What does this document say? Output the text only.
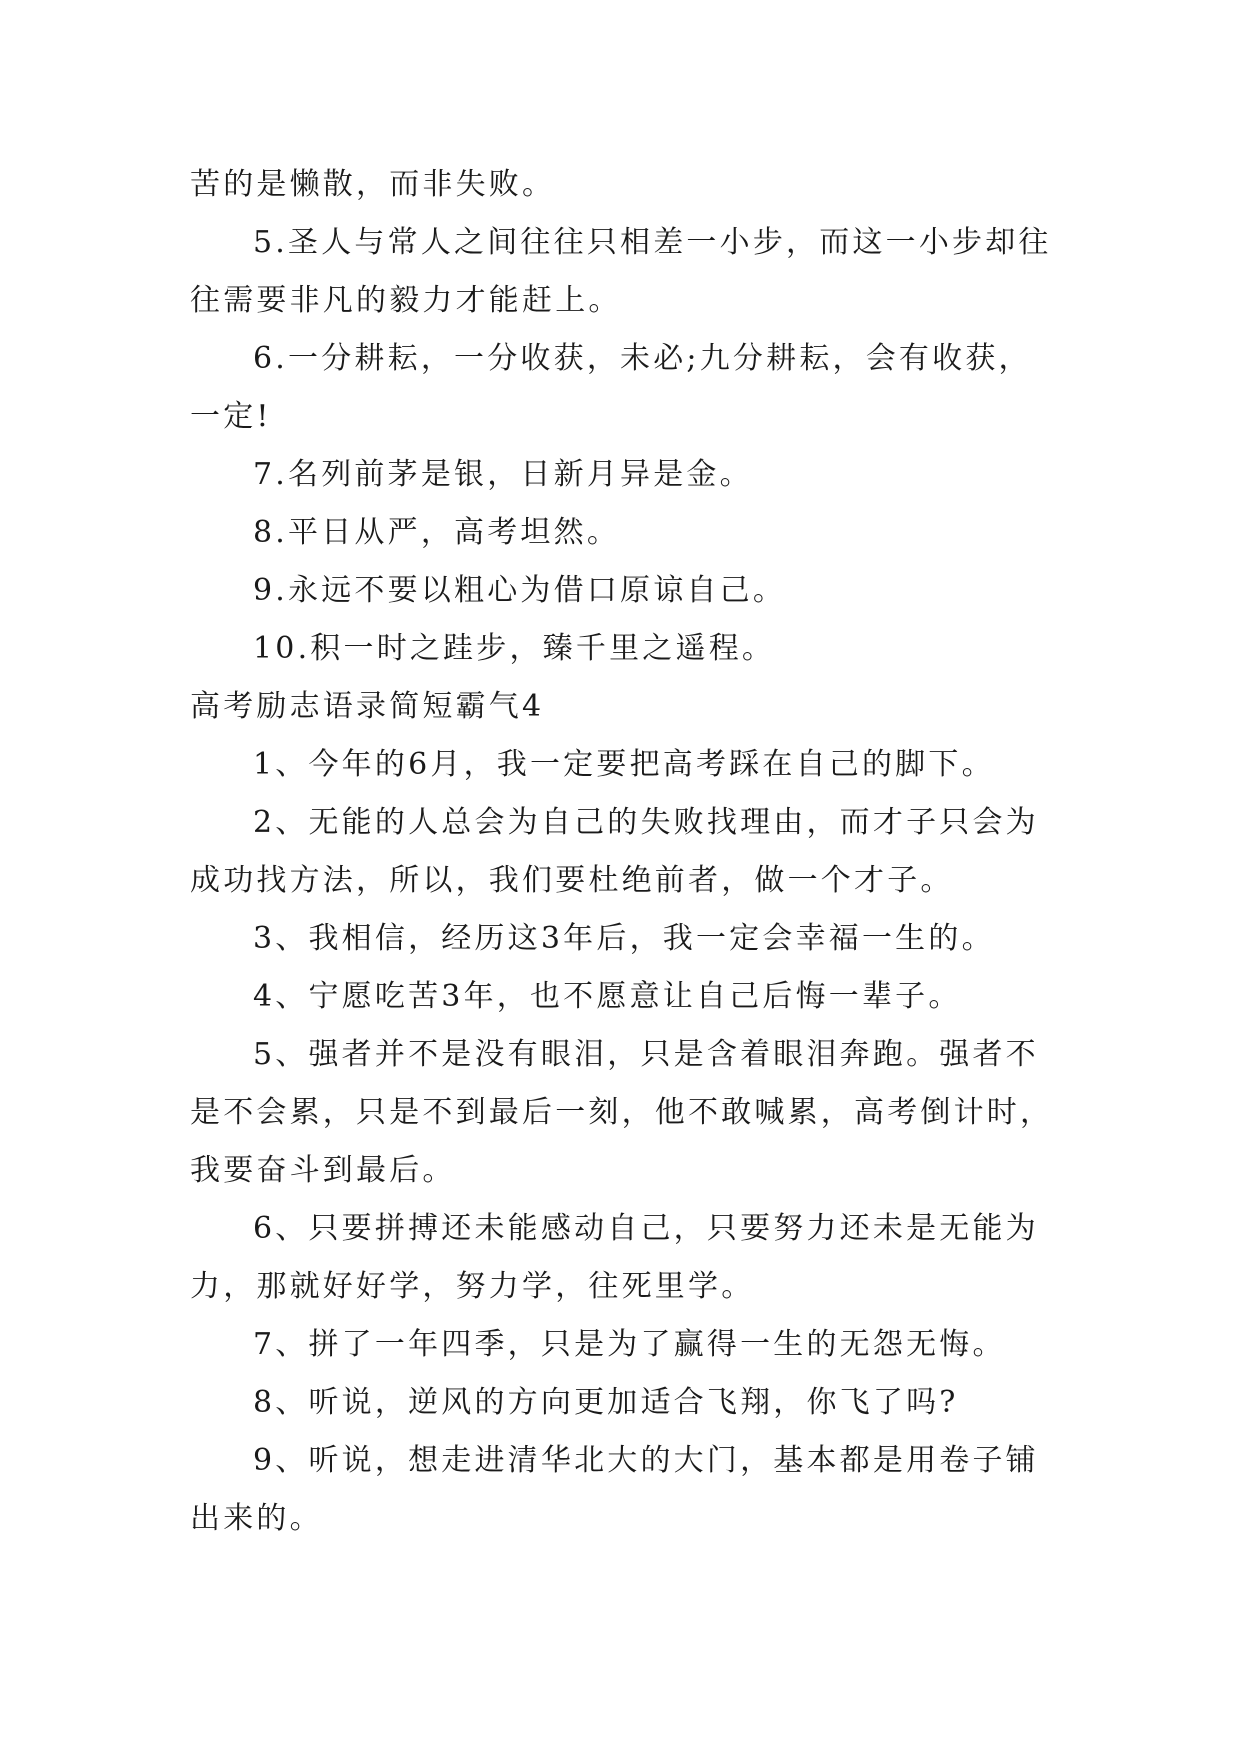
苦的是懒散，而非失败。

5.圣人与常人之间往往只相差一小步，而这一小步却往

往需要非凡的毅力才能赶上。

6.一分耕耘，一分收获，未必;九分耕耘，会有收获，

一定!

7.名列前茅是银，日新月异是金。

8.平日从严，高考坦然。

9.永远不要以粗心为借口原谅自己。

10.积一时之跬步，臻千里之遥程。

高考励志语录简短霸气4

1、今年的6月，我一定要把高考踩在自己的脚下。

2、无能的人总会为自己的失败找理由，而才子只会为

成功找方法，所以，我们要杜绝前者，做一个才子。

3、我相信，经历这3年后，我一定会幸福一生的。

4、宁愿吃苦3年，也不愿意让自己后悔一辈子。

5、强者并不是没有眼泪，只是含着眼泪奔跑。强者不

是不会累，只是不到最后一刻，他不敢喊累，高考倒计时，

我要奋斗到最后。

6、只要拼搏还未能感动自己，只要努力还未是无能为

力，那就好好学，努力学，往死里学。

7、拼了一年四季，只是为了赢得一生的无怨无悔。

8、听说，逆风的方向更加适合飞翔，你飞了吗?

9、听说，想走进清华北大的大门，基本都是用卷子铺

出来的。
